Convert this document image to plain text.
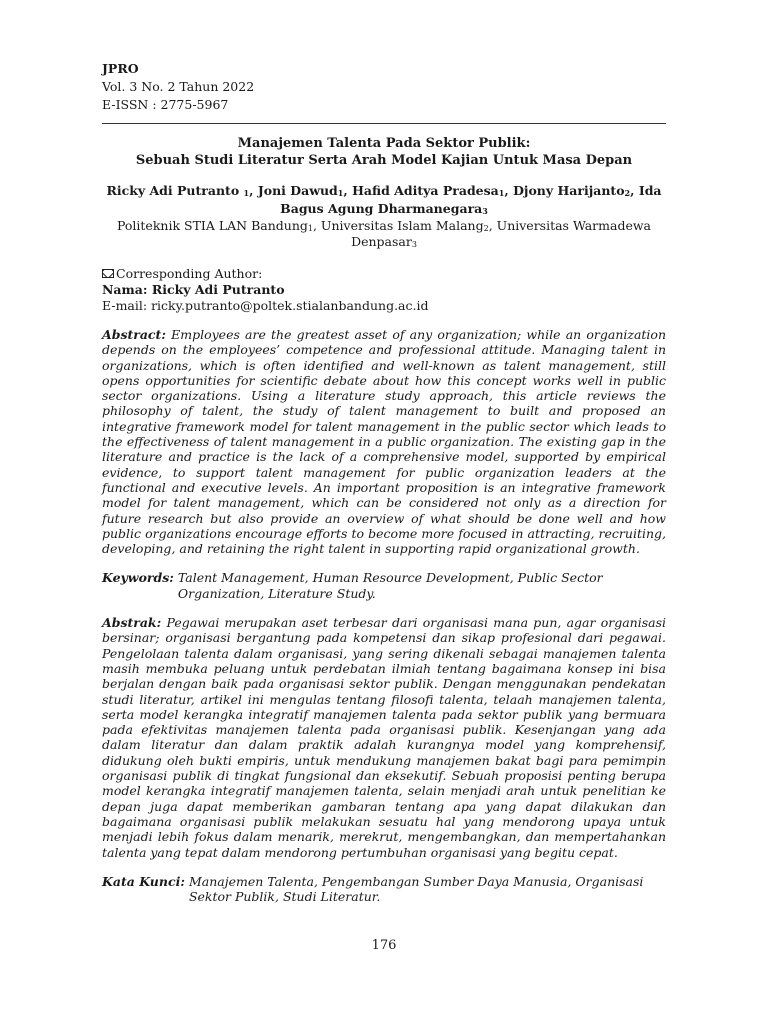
JPRO
Vol. 3 No. 2 Tahun 2022
E-ISSN : 2775-5967
Manajemen Talenta Pada Sektor Publik:
Sebuah Studi Literatur Serta Arah Model Kajian Untuk Masa Depan
Ricky Adi Putranto $_1$, Joni Dawud$_1$, Hafid Aditya Pradesa$_1$, Djony Harijanto$_2$, Ida Bagus Agung Dharmanegara$_3$
Politeknik STIA LAN Bandung$_1$, Universitas Islam Malang$_2$, Universitas Warmadewa Denpasar$_3$
Corresponding Author:
Nama: Ricky Adi Putranto
E-mail: ricky.putranto@poltek.stialanbandung.ac.id
Abstract: Employees are the greatest asset of any organization; while an organization depends on the employees’ competence and professional attitude. Managing talent in organizations, which is often identified and well-known as talent management, still opens opportunities for scientific debate about how this concept works well in public sector organizations. Using a literature study approach, this article reviews the philosophy of talent, the study of talent management to built and proposed an integrative framework model for talent management in the public sector which leads to the effectiveness of talent management in a public organization. The existing gap in the literature and practice is the lack of a comprehensive model, supported by empirical evidence, to support talent management for public organization leaders at the functional and executive levels. An important proposition is an integrative framework model for talent management, which can be considered not only as a direction for future research but also provide an overview of what should be done well and how public organizations encourage efforts to become more focused in attracting, recruiting, developing, and retaining the right talent in supporting rapid organizational growth.
Keywords: Talent Management, Human Resource Development, Public Sector Organization, Literature Study.
Abstrak: Pegawai merupakan aset terbesar dari organisasi mana pun, agar organisasi bersinar; organisasi bergantung pada kompetensi dan sikap profesional dari pegawai. Pengelolaan talenta dalam organisasi, yang sering dikenali sebagai manajemen talenta masih membuka peluang untuk perdebatan ilmiah tentang bagaimana konsep ini bisa berjalan dengan baik pada organisasi sektor publik. Dengan menggunakan pendekatan studi literatur, artikel ini mengulas tentang filosofi talenta, telaah manajemen talenta, serta model kerangka integratif manajemen talenta pada sektor publik yang bermuara pada efektivitas manajemen talenta pada organisasi publik. Kesenjangan yang ada dalam literatur dan dalam praktik adalah kurangnya model yang komprehensif, didukung oleh bukti empiris, untuk mendukung manajemen bakat bagi para pemimpin organisasi publik di tingkat fungsional dan eksekutif. Sebuah proposisi penting berupa model kerangka integratif manajemen talenta, selain menjadi arah untuk penelitian ke depan juga dapat memberikan gambaran tentang apa yang dapat dilakukan dan bagaimana organisasi publik melakukan sesuatu hal yang mendorong upaya untuk menjadi lebih fokus dalam menarik, merekrut, mengembangkan, dan mempertahankan talenta yang tepat dalam mendorong pertumbuhan organisasi yang begitu cepat.
Kata Kunci: Manajemen Talenta, Pengembangan Sumber Daya Manusia, Organisasi Sektor Publik, Studi Literatur.
176
